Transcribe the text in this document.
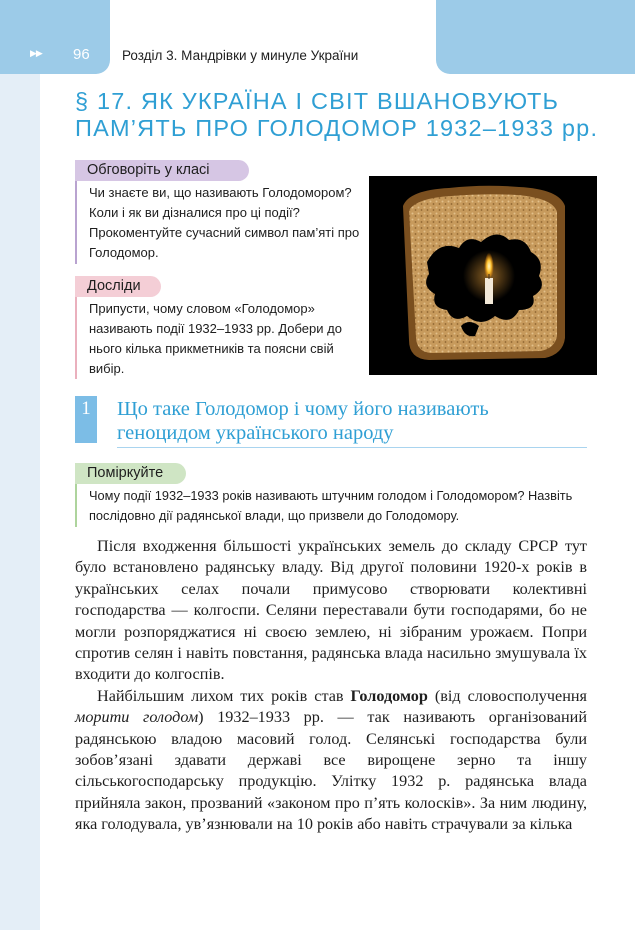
▶▶ 96 Розділ 3. Мандрівки у минуле України
§ 17. ЯК УКРАЇНА І СВІТ ВШАНОВУЮТЬ ПАМ’ЯТЬ ПРО ГОЛОДОМОР 1932–1933 рр.
Обговоріть у класі

Чи знаєте ви, що називають Голодомором? Коли і як ви дізналися про ці події? Прокоментуйте сучасний символ пам’яті про Голодомор.

Досліди

Припусти, чому словом «Голодомор» називають події 1932–1933 рр. Добери до нього кілька прикметників та поясни свій вибір.

1	Що таке Голодомор і чому його називають геноцидом українського народу
Поміркуйте

Чому події 1932–1933 років називають штучним голодом і Голодомором? Назвіть послідовно дії радянської влади, що призвели до Голодомору.

Після входження більшості українських земель до складу СРСР тут було встановлено радянську владу. Від другої половини 1920-х років в українських селах почали примусово створювати колективні господарства — колгоспи. Селяни переставали бути господарями, бо не могли розпоряджатися ні своєю землею, ні зібраним урожаєм. Попри спротив селян і навіть повстання, радянська влада насильно змушувала їх входити до колгоспів.

Найбільшим лихом тих років став Голодомор (від словосполучення морити голодом) 1932–1933 рр. — так називають організований радянською владою масовий голод. Селянські господарства були зобов’язані здавати державі все вирощене зерно та іншу сільськогосподарську продукцію. Улітку 1932 р. радянська влада прийняла закон, прозваний «законом про п’ять колосків». За ним людину, яка голодувала, ув’язнювали на 10 років або навіть страчували за кілька
